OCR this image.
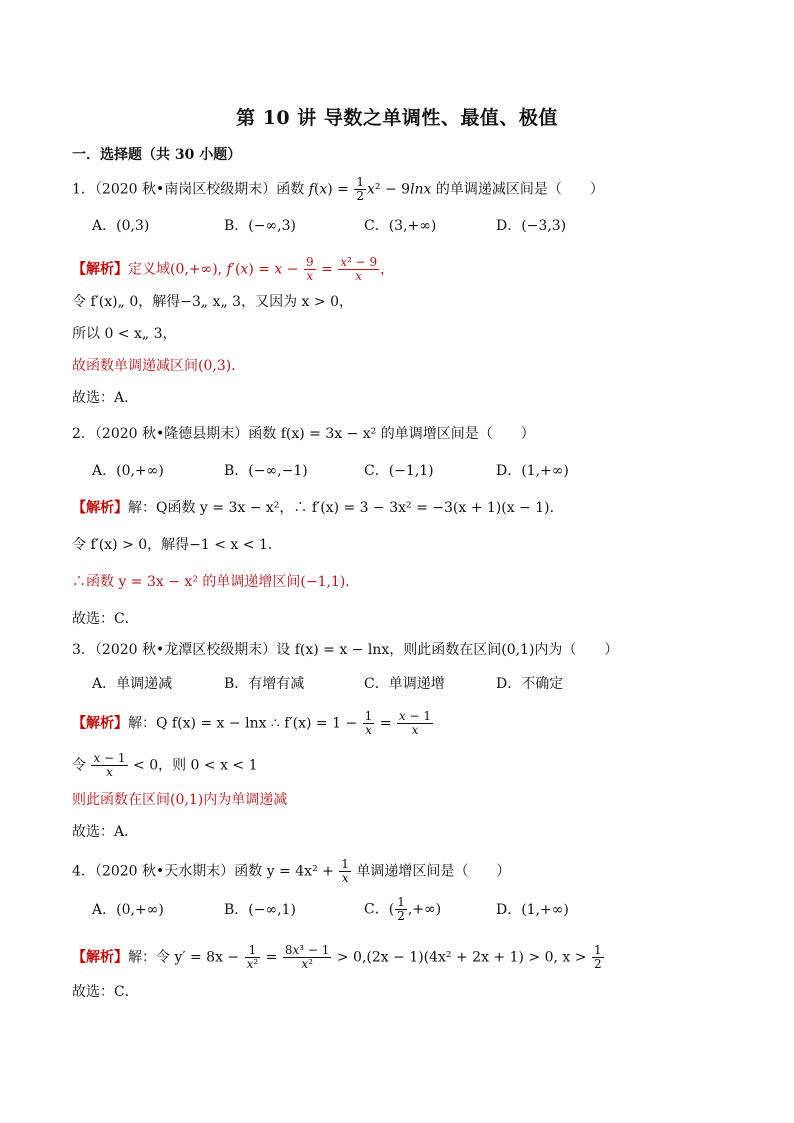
第 10 讲 导数之单调性、最值、极值
一．选择题（共 30 小题）
1．（2020 秋•南岗区校级期末）函数 $f(x) = \frac{1}{2} x^2 - 9\ln x$ 的单调递减区间是（　　）
A．(0,3)	B．(−∞,3)	C．(3,+∞)	D．(−3,3)
【解析】定义域(0,+∞), $f'(x) = x - \frac{9}{x} = \frac{\text{x² − 9}}{x}$ ，
令 f′(x)„ 0，解得−3„ x„ 3，又因为 x > 0，
所以 0 < x„ 3，
故函数单调递减区间(0,3)．
故选：A．
2．（2020 秋•隆德县期末）函数 f(x) = 3x − x² 的单调增区间是（　　）
A．(0,+∞)	B．(−∞,−1)	C．(−1,1)	D．(1,+∞)
【解析】解：Q函数 y = 3x − x²，∴ f′(x) = 3 − 3x² = −3(x + 1)(x − 1)．
令 f′(x) > 0，解得−1 < x < 1．
∴函数 y = 3x − x² 的单调递增区间(−1,1)．
故选：C．
3．（2020 秋•龙潭区校级期末）设 f(x) = x − lnx，则此函数在区间(0,1)内为（　　）
A．单调递减	B．有增有减	C．单调递增	D．不确定
【解析】解：Q f(x) = x − lnx ∴ $f'(x) = 1 - \frac{1}{x} = \frac{x - 1}{x}$
令 $\frac{x - 1}{x} < 0$，则 0 < x < 1
则此函数在区间(0,1)内为单调递减
故选：A．
4．（2020 秋•天水期末）函数 $y = 4x^2 + \frac{1}{x}$ 单调递增区间是（　　）
A．(0,+∞)	B．(−∞,1)	C．( $\frac{1}{2}$ ,+∞)	D．(1,+∞)
【解析】解：令 $y' = 8x - \frac{1}{\text{x²}} = \frac{\text{8x³ − 1}}{\text{x²}} > 0,(2x - 1)(4x^2 + 2x + 1) > 0$, $x > \frac{1}{2}$
故选：C．
